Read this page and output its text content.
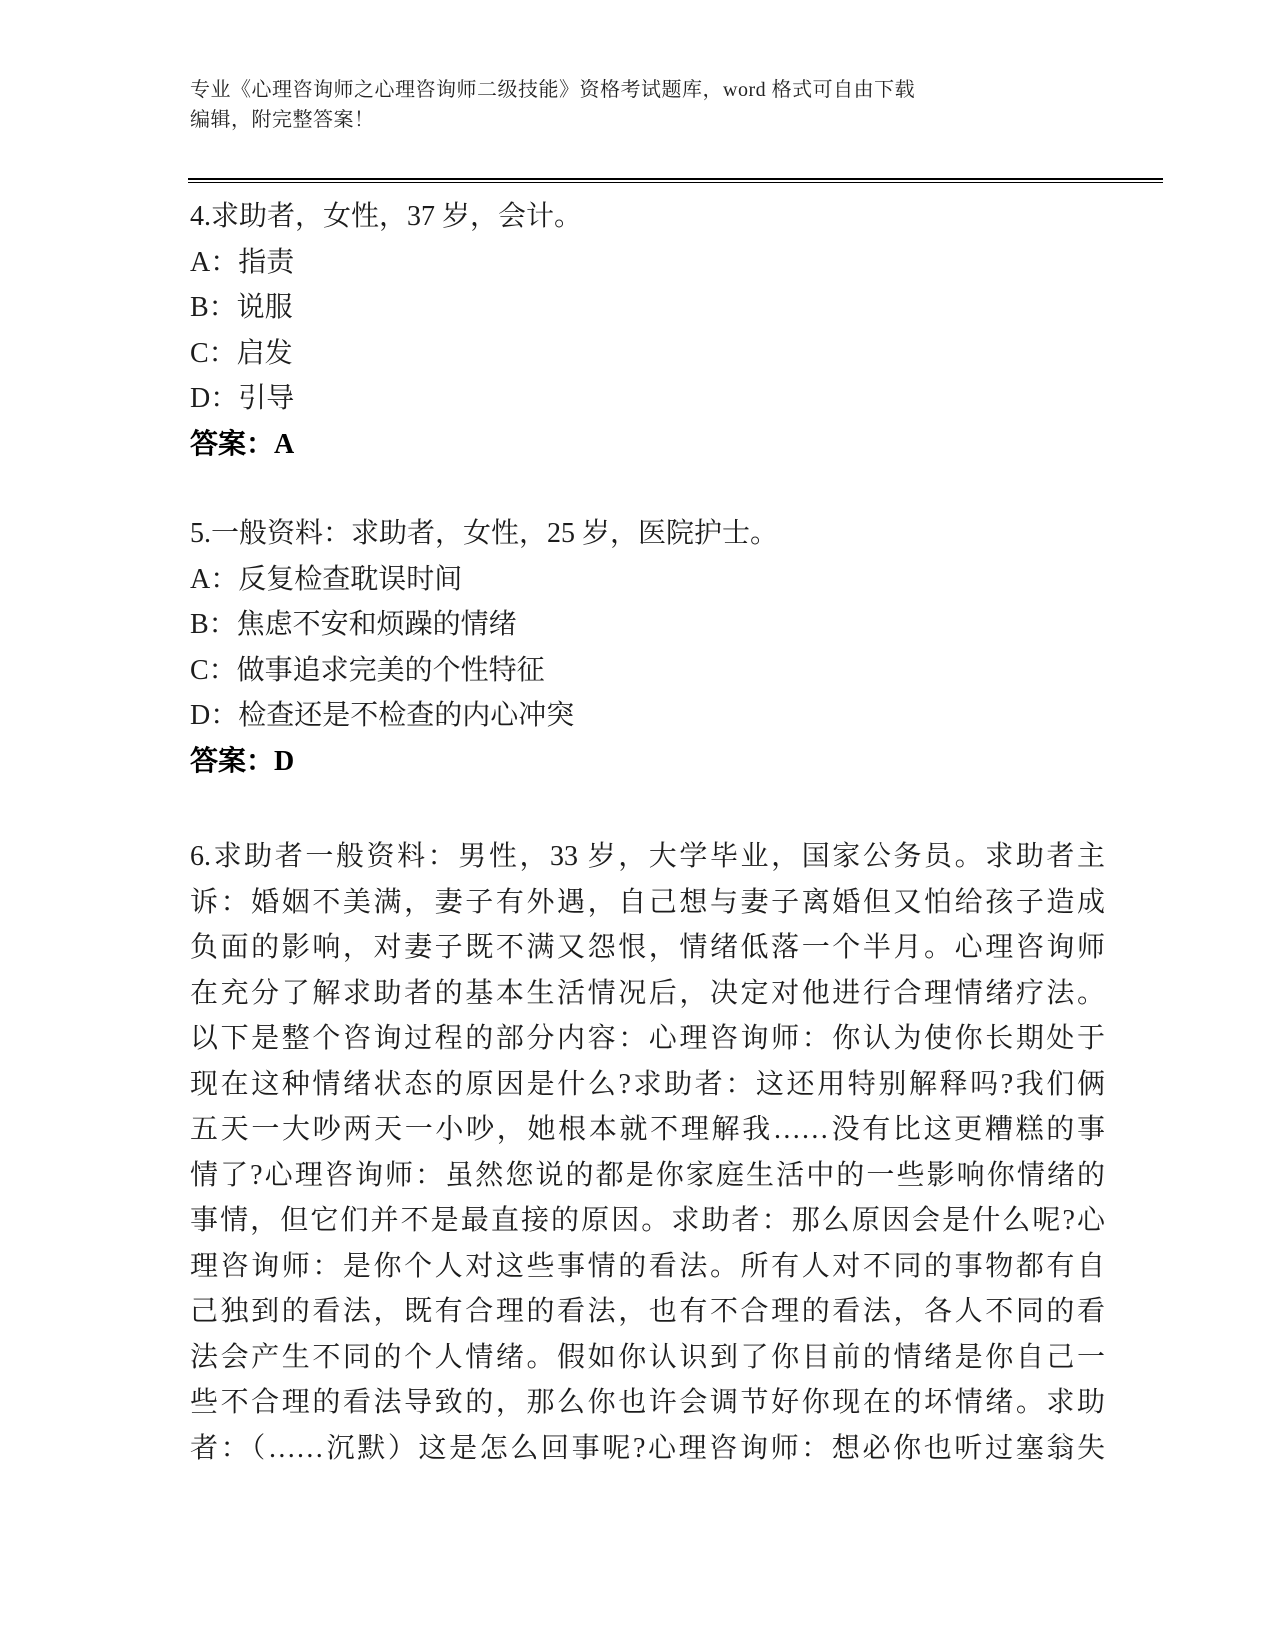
专业《心理咨询师之心理咨询师二级技能》资格考试题库，word 格式可自由下载
编辑，附完整答案！
4.求助者，女性，37 岁，会计。
A：指责
B：说服
C：启发
D：引导
答案：A
5.一般资料：求助者，女性，25 岁，医院护士。
A：反复检查耽误时间
B：焦虑不安和烦躁的情绪
C：做事追求完美的个性特征
D：检查还是不检查的内心冲突
答案：D
6.求助者一般资料：男性，33 岁，大学毕业，国家公务员。求助者主
诉：婚姻不美满，妻子有外遇，自己想与妻子离婚但又怕给孩子造成
负面的影响，对妻子既不满又怨恨，情绪低落一个半月。心理咨询师
在充分了解求助者的基本生活情况后，决定对他进行合理情绪疗法。
以下是整个咨询过程的部分内容：心理咨询师：你认为使你长期处于
现在这种情绪状态的原因是什么?求助者：这还用特别解释吗?我们俩
五天一大吵两天一小吵，她根本就不理解我……没有比这更糟糕的事
情了?心理咨询师：虽然您说的都是你家庭生活中的一些影响你情绪的
事情，但它们并不是最直接的原因。求助者：那么原因会是什么呢?心
理咨询师：是你个人对这些事情的看法。所有人对不同的事物都有自
己独到的看法，既有合理的看法，也有不合理的看法，各人不同的看
法会产生不同的个人情绪。假如你认识到了你目前的情绪是你自己一
些不合理的看法导致的，那么你也许会调节好你现在的坏情绪。求助
者：（……沉默）这是怎么回事呢?心理咨询师：想必你也听过塞翁失
